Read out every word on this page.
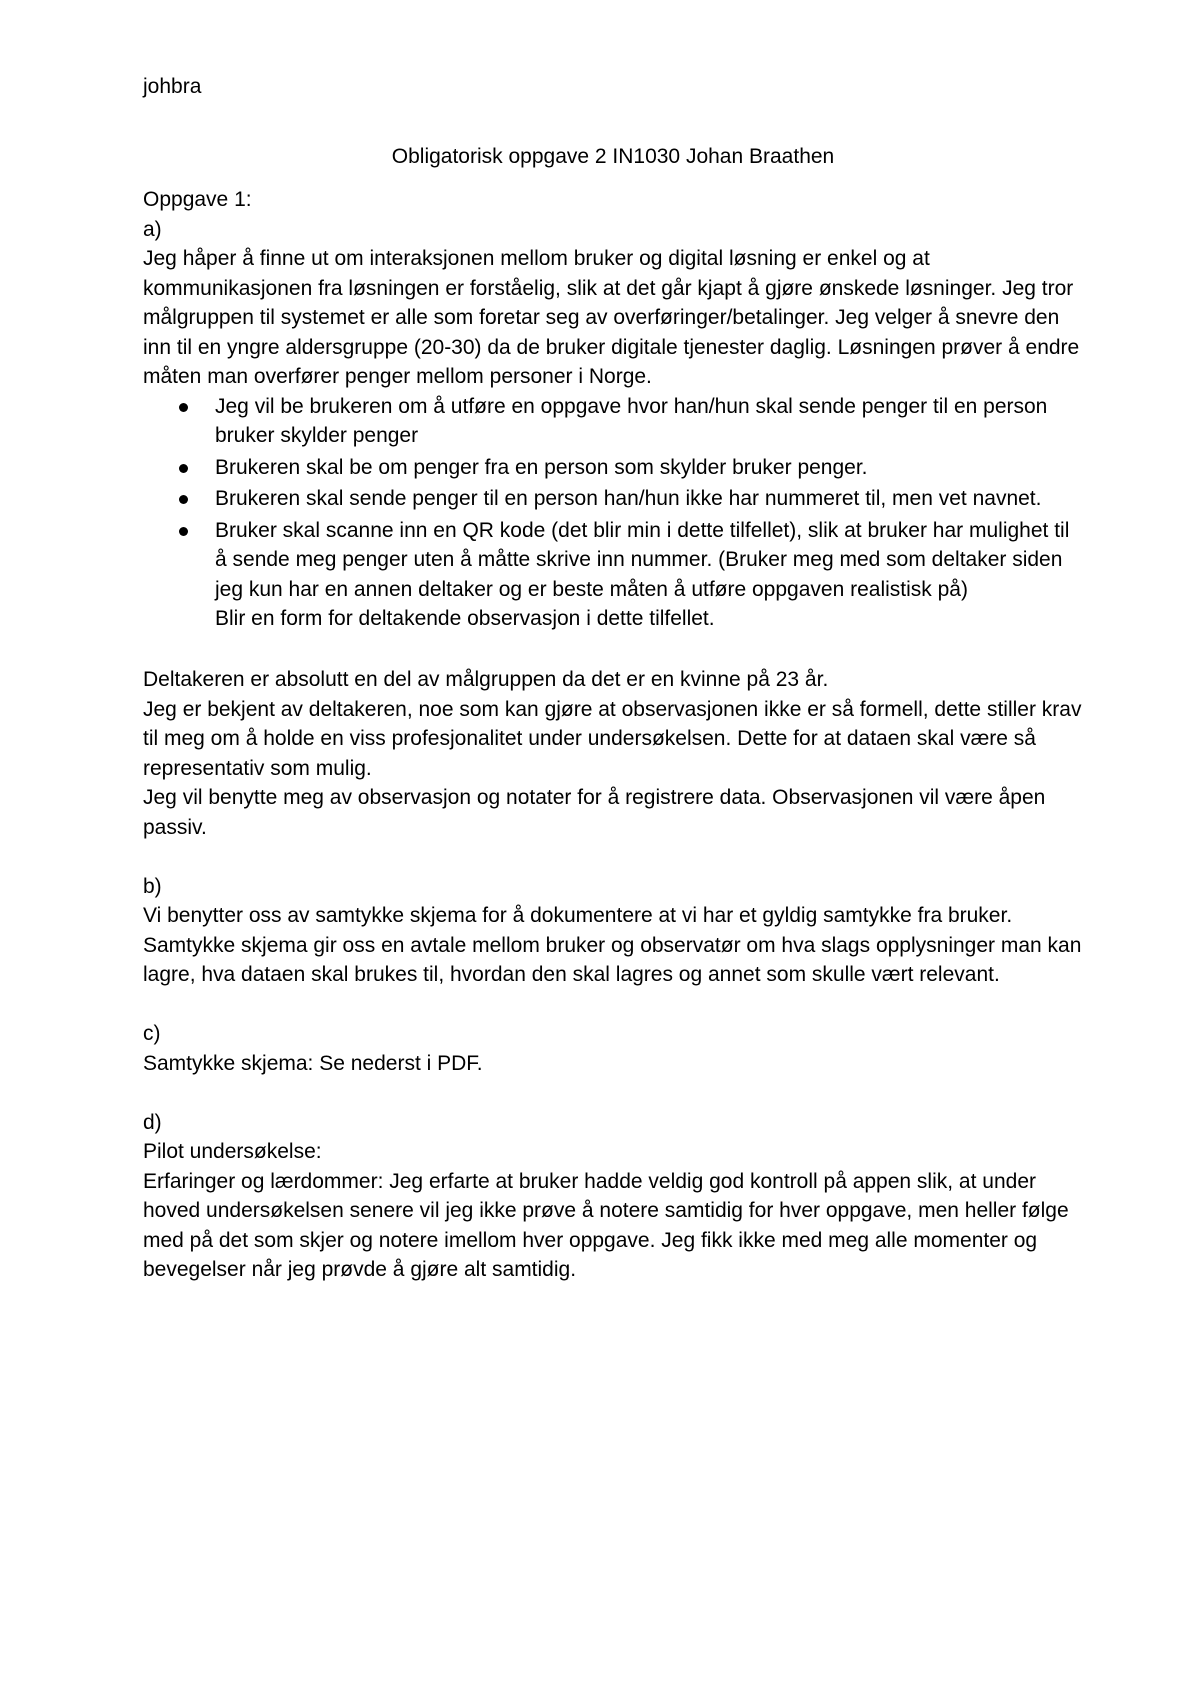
johbra

Obligatorisk oppgave 2 IN1030 Johan Braathen

Oppgave 1:

a)

Jeg håper å finne ut om interaksjonen mellom bruker og digital løsning er enkel og at kommunikasjonen fra løsningen er forståelig, slik at det går kjapt å gjøre ønskede løsninger. Jeg tror målgruppen til systemet er alle som foretar seg av overføringer/betalinger. Jeg velger å snevre den inn til en yngre aldersgruppe (20-30) da de bruker digitale tjenester daglig. Løsningen prøver å endre måten man overfører penger mellom personer i Norge.

Jeg vil be brukeren om å utføre en oppgave hvor han/hun skal sende penger til en person bruker skylder penger
Brukeren skal be om penger fra en person som skylder bruker penger.
Brukeren skal sende penger til en person han/hun ikke har nummeret til, men vet navnet.
Bruker skal scanne inn en QR kode (det blir min i dette tilfellet), slik at bruker har mulighet til å sende meg penger uten å måtte skrive inn nummer. (Bruker meg med som deltaker siden jeg kun har en annen deltaker og er beste måten å utføre oppgaven realistisk på)
Blir en form for deltakende observasjon i dette tilfellet.

Deltakeren er absolutt en del av målgruppen da det er en kvinne på 23 år.

Jeg er bekjent av deltakeren, noe som kan gjøre at observasjonen ikke er så formell, dette stiller krav til meg om å holde en viss profesjonalitet under undersøkelsen. Dette for at dataen skal være så representativ som mulig.

Jeg vil benytte meg av observasjon og notater for å registrere data. Observasjonen vil være åpen passiv.

b)

Vi benytter oss av samtykke skjema for å dokumentere at vi har et gyldig samtykke fra bruker. Samtykke skjema gir oss en avtale mellom bruker og observatør om hva slags opplysninger man kan lagre, hva dataen skal brukes til, hvordan den skal lagres og annet som skulle vært relevant.

c)

Samtykke skjema: Se nederst i PDF.

d)

Pilot undersøkelse:

Erfaringer og lærdommer: Jeg erfarte at bruker hadde veldig god kontroll på appen slik, at under hoved undersøkelsen senere vil jeg ikke prøve å notere samtidig for hver oppgave, men heller følge med på det som skjer og notere imellom hver oppgave. Jeg fikk ikke med meg alle momenter og bevegelser når jeg prøvde å gjøre alt samtidig.
